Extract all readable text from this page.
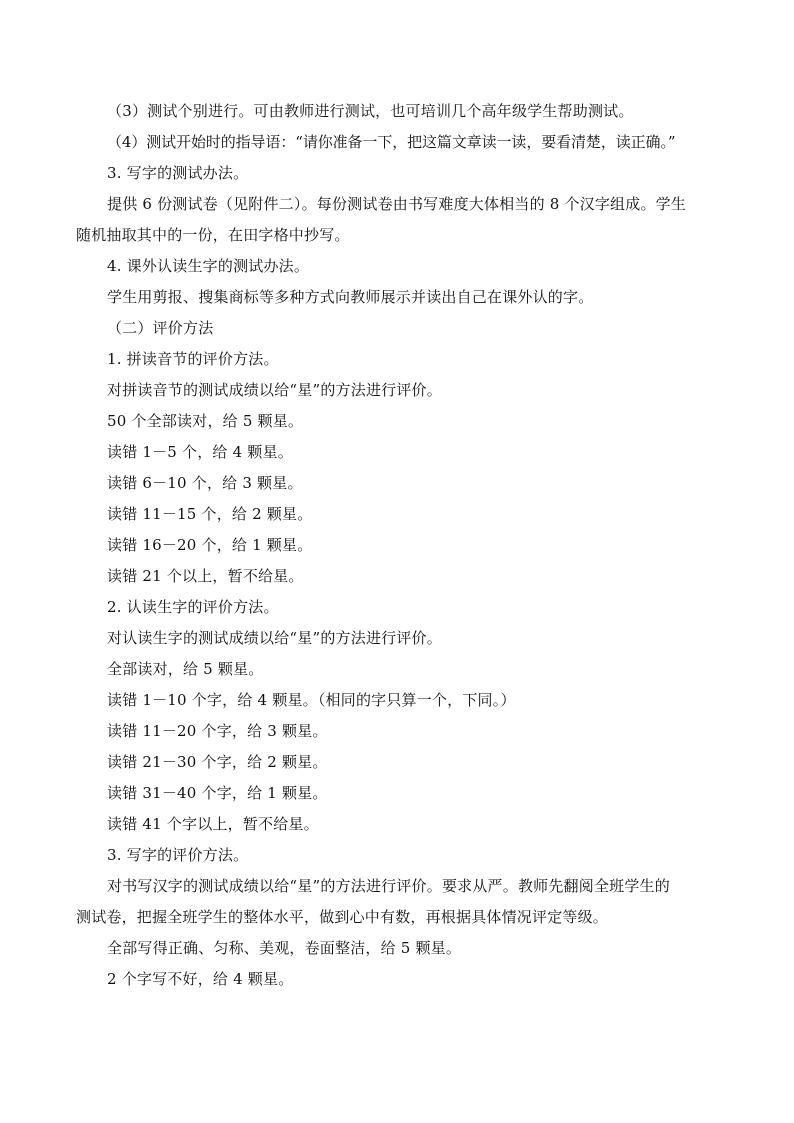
（3）测试个别进行。可由教师进行测试，也可培训几个高年级学生帮助测试。
（4）测试开始时的指导语：“请你准备一下，把这篇文章读一读，要看清楚，读正确。”
3. 写字的测试办法。
提供 6 份测试卷（见附件二）。每份测试卷由书写难度大体相当的 8 个汉字组成。学生
随机抽取其中的一份，在田字格中抄写。
4. 课外认读生字的测试办法。
学生用剪报、搜集商标等多种方式向教师展示并读出自己在课外认的字。
（二）评价方法
1. 拼读音节的评价方法。
对拼读音节的测试成绩以给“星”的方法进行评价。
50 个全部读对，给 5 颗星。
读错 1－5 个，给 4 颗星。
读错 6－10 个，给 3 颗星。
读错 11－15 个，给 2 颗星。
读错 16－20 个，给 1 颗星。
读错 21 个以上，暂不给星。
2. 认读生字的评价方法。
对认读生字的测试成绩以给“星”的方法进行评价。
全部读对，给 5 颗星。
读错 1－10 个字，给 4 颗星。（相同的字只算一个，下同。）
读错 11－20 个字，给 3 颗星。
读错 21－30 个字，给 2 颗星。
读错 31－40 个字，给 1 颗星。
读错 41 个字以上，暂不给星。
3. 写字的评价方法。
对书写汉字的测试成绩以给“星”的方法进行评价。要求从严。教师先翻阅全班学生的
测试卷，把握全班学生的整体水平，做到心中有数，再根据具体情况评定等级。
全部写得正确、匀称、美观，卷面整洁，给 5 颗星。
2 个字写不好，给 4 颗星。
